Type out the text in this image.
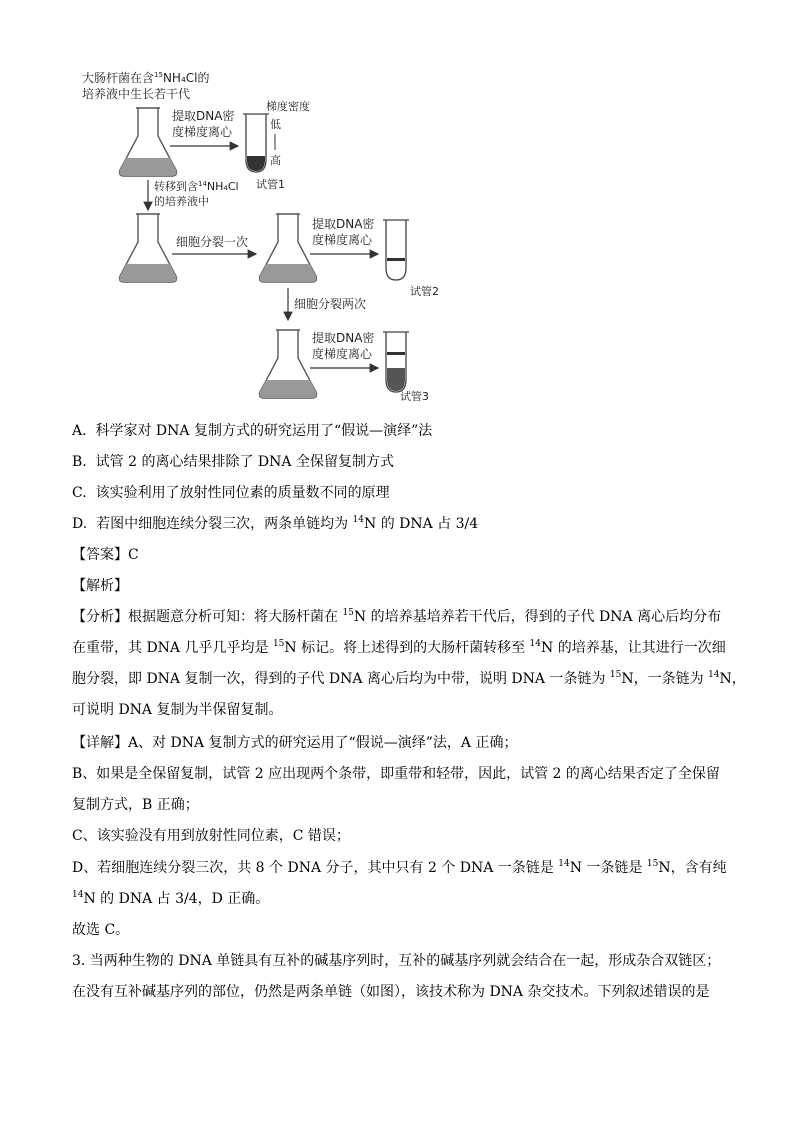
大肠杆菌在含$^{15}$NH₄Cl的
培养液中生长若干代
提取DNA密
度梯度离心
梯度密度
低
高
试管1
转移到含$^{14}$NH₄Cl
的培养液中
细胞分裂一次
提取DNA密
度梯度离心
试管2
细胞分裂两次
提取DNA密
度梯度离心
试管3
A. 科学家对 DNA 复制方式的研究运用了“假说—演绎”法
B. 试管 2 的离心结果排除了 DNA 全保留复制方式
C. 该实验利用了放射性同位素的质量数不同的原理
D. 若图中细胞连续分裂三次，两条单链均为 $^{14}$N 的 DNA 占 3/4
【答案】C
【解析】
【分析】根据题意分析可知：将大肠杆菌在 $^{15}$N 的培养基培养若干代后，得到的子代 DNA 离心后均分布
在重带，其 DNA 几乎几乎均是 $^{15}$N 标记。将上述得到的大肠杆菌转移至 $^{14}$N 的培养基，让其进行一次细
胞分裂，即 DNA 复制一次，得到的子代 DNA 离心后均为中带，说明 DNA 一条链为 $^{15}$N，一条链为 $^{14}$N，
可说明 DNA 复制为半保留复制。
【详解】A、对 DNA 复制方式的研究运用了“假说—演绎”法，A 正确；
B、如果是全保留复制，试管 2 应出现两个条带，即重带和轻带，因此，试管 2 的离心结果否定了全保留
复制方式，B 正确；
C、该实验没有用到放射性同位素，C 错误；
D、若细胞连续分裂三次，共 8 个 DNA 分子，其中只有 2 个 DNA 一条链是 $^{14}$N 一条链是 $^{15}$N，含有纯
$^{14}$N 的 DNA 占 3/4，D 正确。
故选 C。
3. 当两种生物的 DNA 单链具有互补的碱基序列时，互补的碱基序列就会结合在一起，形成杂合双链区；
在没有互补碱基序列的部位，仍然是两条单链（如图），该技术称为 DNA 杂交技术。下列叙述错误的是
